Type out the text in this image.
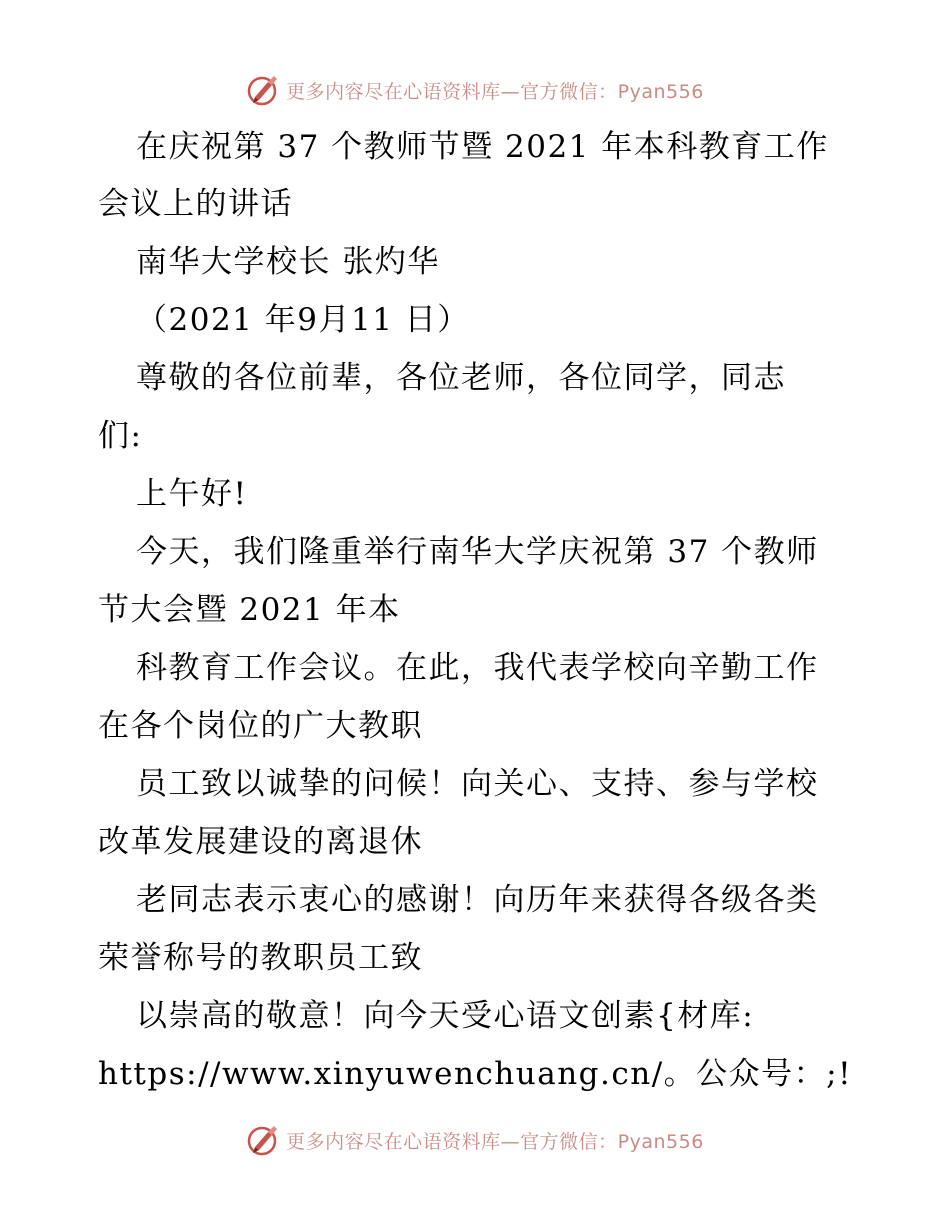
更多内容尽在心语资料库—官方微信：Pyan556
在庆祝第 37 个教师节暨 2021 年本科教育工作
会议上的讲话
南华大学校长 张灼华
（2021 年9月11 日）
尊敬的各位前辈，各位老师，各位同学，同志
们:
上午好!
今天，我们隆重举行南华大学庆祝第 37 个教师
节大会暨 2021 年本
科教育工作会议。在此，我代表学校向辛勤工作
在各个岗位的广大教职
员工致以诚挚的问候！向关心、支持、参与学校
改革发展建设的离退休
老同志表示衷心的感谢！向历年来获得各级各类
荣誉称号的教职员工致
以崇高的敬意！向今天受心语文创素{材库:
https://www.xinyuwenchuang.cn/。公众号：;!
更多内容尽在心语资料库—官方微信：Pyan556
